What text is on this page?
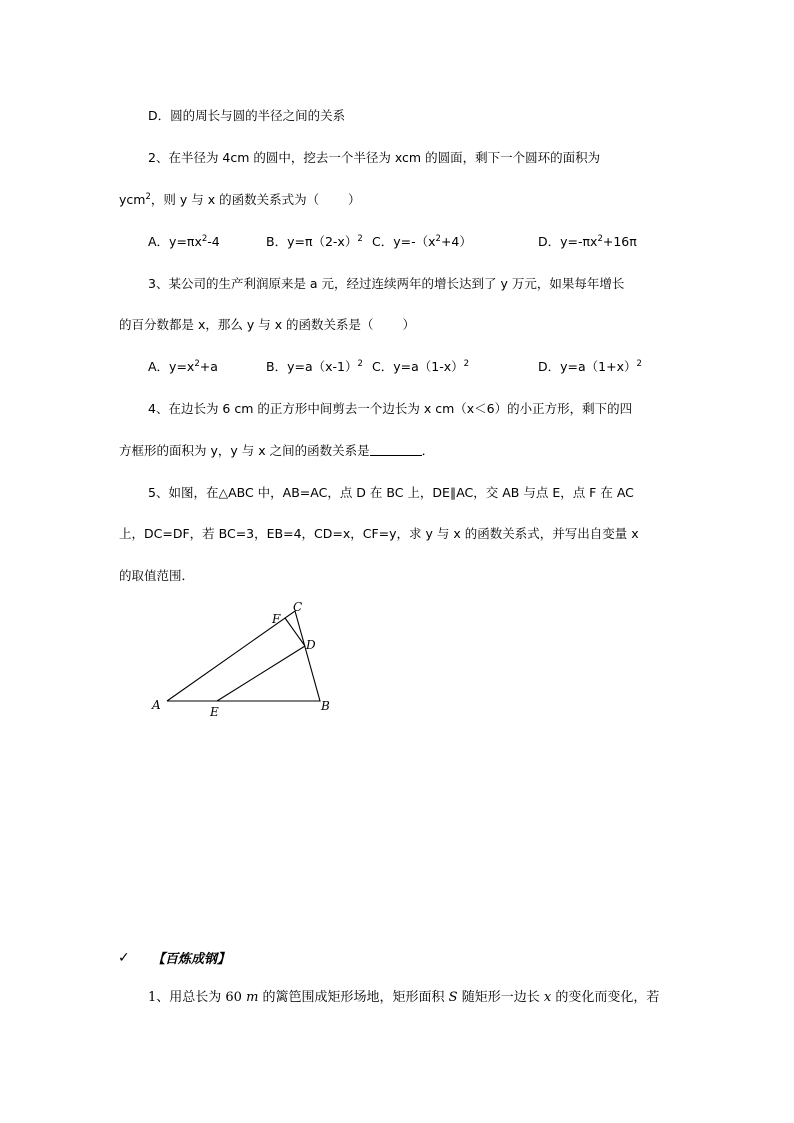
D．圆的周长与圆的半径之间的关系
2、在半径为 4cm 的圆中，挖去一个半径为 xcm 的圆面，剩下一个圆环的面积为
ycm$^2$，则 y 与 x 的函数关系式为（　　 ）
A．$y=\pi x^2-4$	B．$y=\pi(2-x)^2$ C．$y=-(x^2+4)$	D．$y=-\pi x^2+16\pi$
3、某公司的生产利润原来是 a 元，经过连续两年的增长达到了 y 万元，如果每年增长
的百分数都是 x，那么 y 与 x 的函数关系是（　　 ）
A．$y=x^2+a$	B．$y=a(x-1)^2$ C．$y=a(1-x)^2$	D．$y=a(1+x)^2$
4、在边长为 6 cm 的正方形中间剪去一个边长为 x cm（x＜6）的小正方形，剩下的四
方框形的面积为 y，y 与 x 之间的函数关系是	．
5、如图，在△ABC 中，AB=AC，点 D 在 BC 上，DE∥AC，交 AB 与点 E，点 F 在 AC
上，DC=DF，若 BC=3，EB=4，CD=x，CF=y，求 y 与 x 的函数关系式，并写出自变量 x
的取值范围．
A	B
C
D
E
F
✓ 【百炼成钢】
1、用总长为 60 m 的篱笆围成矩形场地，矩形面积 S 随矩形一边长 x 的变化而变化，若
